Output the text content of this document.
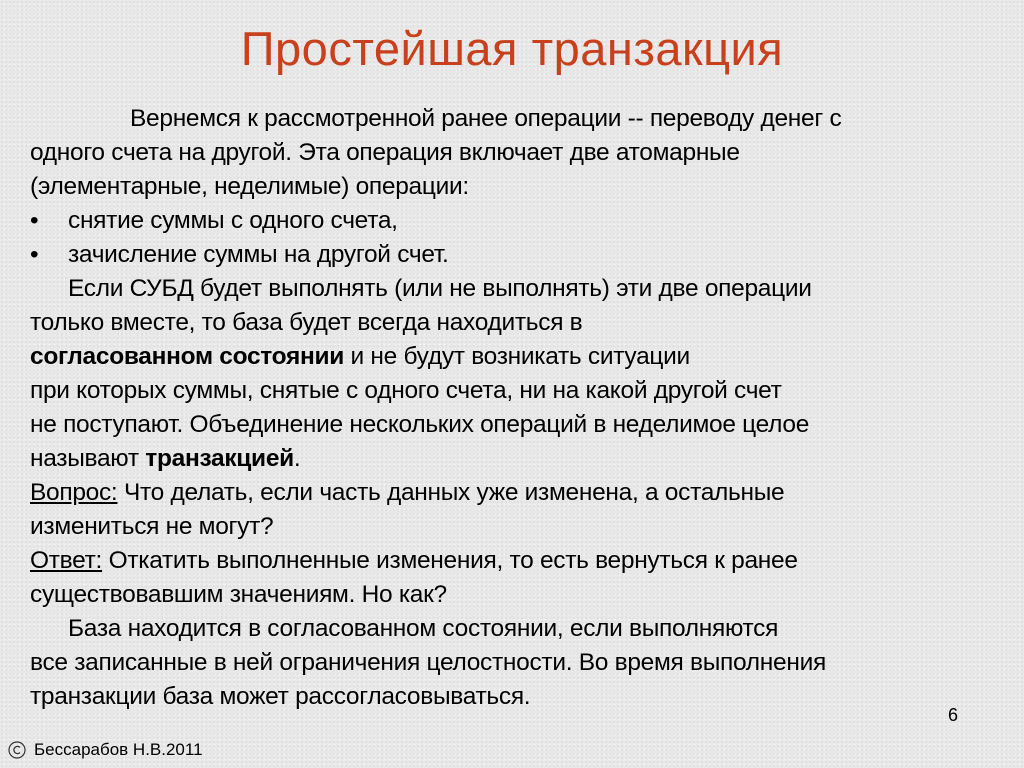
Простейшая транзакция
Вернемся к рассмотренной ранее операции -- переводу денег с
одного счета на другой. Эта операция включает две атомарные
(элементарные, неделимые) операции:
•	снятие суммы с одного счета,
•	зачисление суммы на другой счет.
Если СУБД будет выполнять (или не выполнять) эти две операции
только вместе, то база будет всегда находиться в
согласованном состоянии и не будут возникать ситуации
при которых суммы, снятые с одного счета, ни на какой другой счет
не поступают. Объединение нескольких операций в неделимое целое
называют транзакцией.
Вопрос: Что делать, если часть данных уже изменена, а остальные
измениться не могут?
Ответ: Откатить выполненные изменения, то есть вернуться к ранее
существовавшим значениям. Но как?
База находится в согласованном состоянии, если выполняются
все записанные в ней ограничения целостности. Во время выполнения
транзакции база может рассогласовываться.
6
Бессарабов Н.В.2011
